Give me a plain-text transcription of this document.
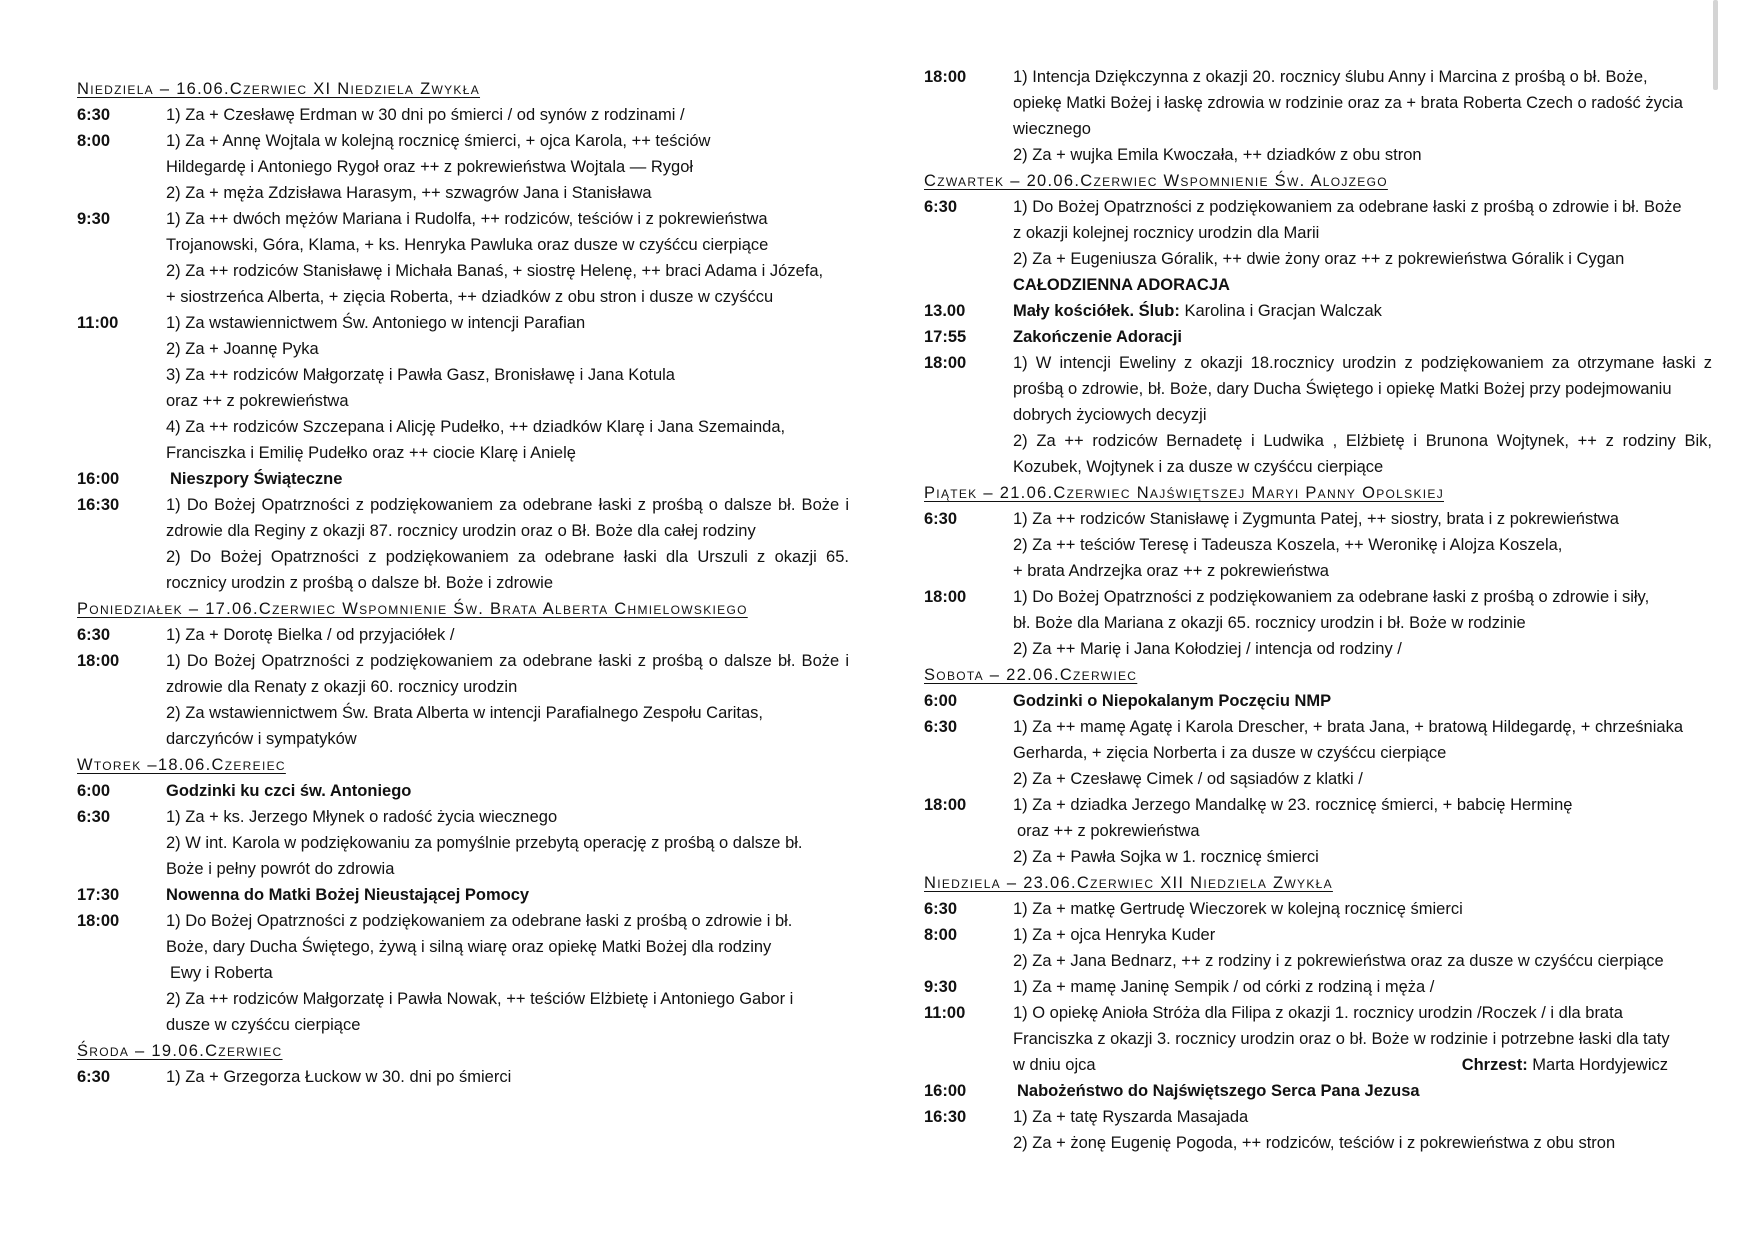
Niedziela – 16.06.Czerwiec XI Niedziela Zwykła
6:30	1) Za + Czesławę Erdman w 30 dni po śmierci / od synów z rodzinami /
8:00	1) Za + Annę Wojtala w kolejną rocznicę śmierci, + ojca Karola, ++ teściów
Hildegardę i Antoniego Rygoł oraz ++ z pokrewieństwa Wojtala — Rygoł
2) Za + męża Zdzisława Harasym, ++ szwagrów Jana i Stanisława
9:30	1) Za ++ dwóch mężów Mariana i Rudolfa, ++ rodziców, teściów i z pokrewieństwa
Trojanowski, Góra, Klama, + ks. Henryka Pawluka oraz dusze w czyśćcu cierpiące
2) Za ++ rodziców Stanisławę i Michała Banaś, + siostrę Helenę, ++ braci Adama i Józefa,
+ siostrzeńca Alberta, + zięcia Roberta, ++ dziadków z obu stron i dusze w czyśćcu
11:00	1) Za wstawiennictwem Św. Antoniego w intencji Parafian
2) Za + Joannę Pyka
3) Za ++ rodziców Małgorzatę i Pawła Gasz, Bronisławę i Jana Kotula
oraz ++ z pokrewieństwa
4) Za ++ rodziców Szczepana i Alicję Pudełko, ++ dziadków Klarę i Jana Szemainda,
Franciszka i Emilię Pudełko oraz ++ ciocie Klarę i Anielę
16:00	Nieszpory Świąteczne
16:30	1) Do Bożej Opatrzności z podziękowaniem za odebrane łaski z prośbą o dalsze bł. Boże i
zdrowie dla Reginy z okazji 87. rocznicy urodzin oraz o Bł. Boże dla całej rodziny
2) Do Bożej Opatrzności z podziękowaniem za odebrane łaski dla Urszuli z okazji 65.
rocznicy urodzin z prośbą o dalsze bł. Boże i zdrowie
Poniedziałek – 17.06.Czerwiec Wspomnienie Św. Brata Alberta Chmielowskiego
6:30	1) Za + Dorotę Bielka / od przyjaciółek /
18:00	1) Do Bożej Opatrzności z podziękowaniem za odebrane łaski z prośbą o dalsze bł. Boże i
zdrowie dla Renaty z okazji 60. rocznicy urodzin
2) Za wstawiennictwem Św. Brata Alberta w intencji Parafialnego Zespołu Caritas,
darczyńców i sympatyków
Wtorek –18.06.Czereiec
6:00	Godzinki ku czci św. Antoniego
6:30	1) Za + ks. Jerzego Młynek o radość życia wiecznego
2) W int. Karola w podziękowaniu za pomyślnie przebytą operację z prośbą o dalsze bł.
Boże i pełny powrót do zdrowia
17:30	Nowenna do Matki Bożej Nieustającej Pomocy
18:00	1) Do Bożej Opatrzności z podziękowaniem za odebrane łaski z prośbą o zdrowie i bł.
Boże, dary Ducha Świętego, żywą i silną wiarę oraz opiekę Matki Bożej dla rodziny
Ewy i Roberta
2) Za ++ rodziców Małgorzatę i Pawła Nowak, ++ teściów Elżbietę i Antoniego Gabor i
dusze w czyśćcu cierpiące
Środa – 19.06.Czerwiec
6:30	1) Za + Grzegorza Łuckow w 30. dni po śmierci
18:00	1) Intencja Dziękczynna z okazji 20. rocznicy ślubu Anny i Marcina z prośbą o bł. Boże,
opiekę Matki Bożej i łaskę zdrowia w rodzinie oraz za + brata Roberta Czech o radość życia
wiecznego
2) Za + wujka Emila Kwoczała, ++ dziadków z obu stron
Czwartek – 20.06.Czerwiec Wspomnienie Św. Alojzego
6:30	1) Do Bożej Opatrzności z podziękowaniem za odebrane łaski z prośbą o zdrowie i bł. Boże
z okazji kolejnej rocznicy urodzin dla Marii
2) Za + Eugeniusza Góralik, ++ dwie żony oraz ++ z pokrewieństwa Góralik i Cygan
CAŁODZIENNA ADORACJA
13.00	Mały kościółek. Ślub: Karolina i Gracjan Walczak
17:55	Zakończenie Adoracji
18:00	1) W intencji Eweliny z okazji 18.rocznicy urodzin z podziękowaniem za otrzymane łaski z
prośbą o zdrowie, bł. Boże, dary Ducha Świętego i opiekę Matki Bożej przy podejmowaniu
dobrych życiowych decyzji
2) Za ++ rodziców Bernadetę i Ludwika , Elżbietę i Brunona Wojtynek, ++ z rodziny Bik,
Kozubek, Wojtynek i za dusze w czyśćcu cierpiące
Piątek – 21.06.Czerwiec Najświętszej Maryi Panny Opolskiej
6:30	1) Za ++ rodziców Stanisławę i Zygmunta Patej, ++ siostry, brata i z pokrewieństwa
2) Za ++ teściów Teresę i Tadeusza Koszela, ++ Weronikę i Alojza Koszela,
+ brata Andrzejka oraz ++ z pokrewieństwa
18:00	1) Do Bożej Opatrzności z podziękowaniem za odebrane łaski z prośbą o zdrowie i siły,
bł. Boże dla Mariana z okazji 65. rocznicy urodzin i bł. Boże w rodzinie
2) Za ++ Marię i Jana Kołodziej / intencja od rodziny /
Sobota – 22.06.Czerwiec
6:00	Godzinki o Niepokalanym Poczęciu NMP
6:30	1) Za ++ mamę Agatę i Karola Drescher, + brata Jana, + bratową Hildegardę, + chrześniaka
Gerharda, + zięcia Norberta i za dusze w czyśćcu cierpiące
2) Za + Czesławę Cimek / od sąsiadów z klatki /
18:00	1) Za + dziadka Jerzego Mandalkę w 23. rocznicę śmierci, + babcię Herminę
oraz ++ z pokrewieństwa
2) Za + Pawła Sojka w 1. rocznicę śmierci
Niedziela – 23.06.Czerwiec XII Niedziela Zwykła
6:30	1) Za + matkę Gertrudę Wieczorek w kolejną rocznicę śmierci
8:00	1) Za + ojca Henryka Kuder
2) Za + Jana Bednarz, ++ z rodziny i z pokrewieństwa oraz za dusze w czyśćcu cierpiące
9:30	1) Za + mamę Janinę Sempik / od córki z rodziną i męża /
11:00	1) O opiekę Anioła Stróża dla Filipa z okazji 1. rocznicy urodzin /Roczek / i dla brata
Franciszka z okazji 3. rocznicy urodzin oraz o bł. Boże w rodzinie i potrzebne łaski dla taty
w dniu ojca	Chrzest: Marta Hordyjewicz
16:00	Nabożeństwo do Najświętszego Serca Pana Jezusa
16:30	1) Za + tatę Ryszarda Masajada
2) Za + żonę Eugenię Pogoda, ++ rodziców, teściów i z pokrewieństwa z obu stron
